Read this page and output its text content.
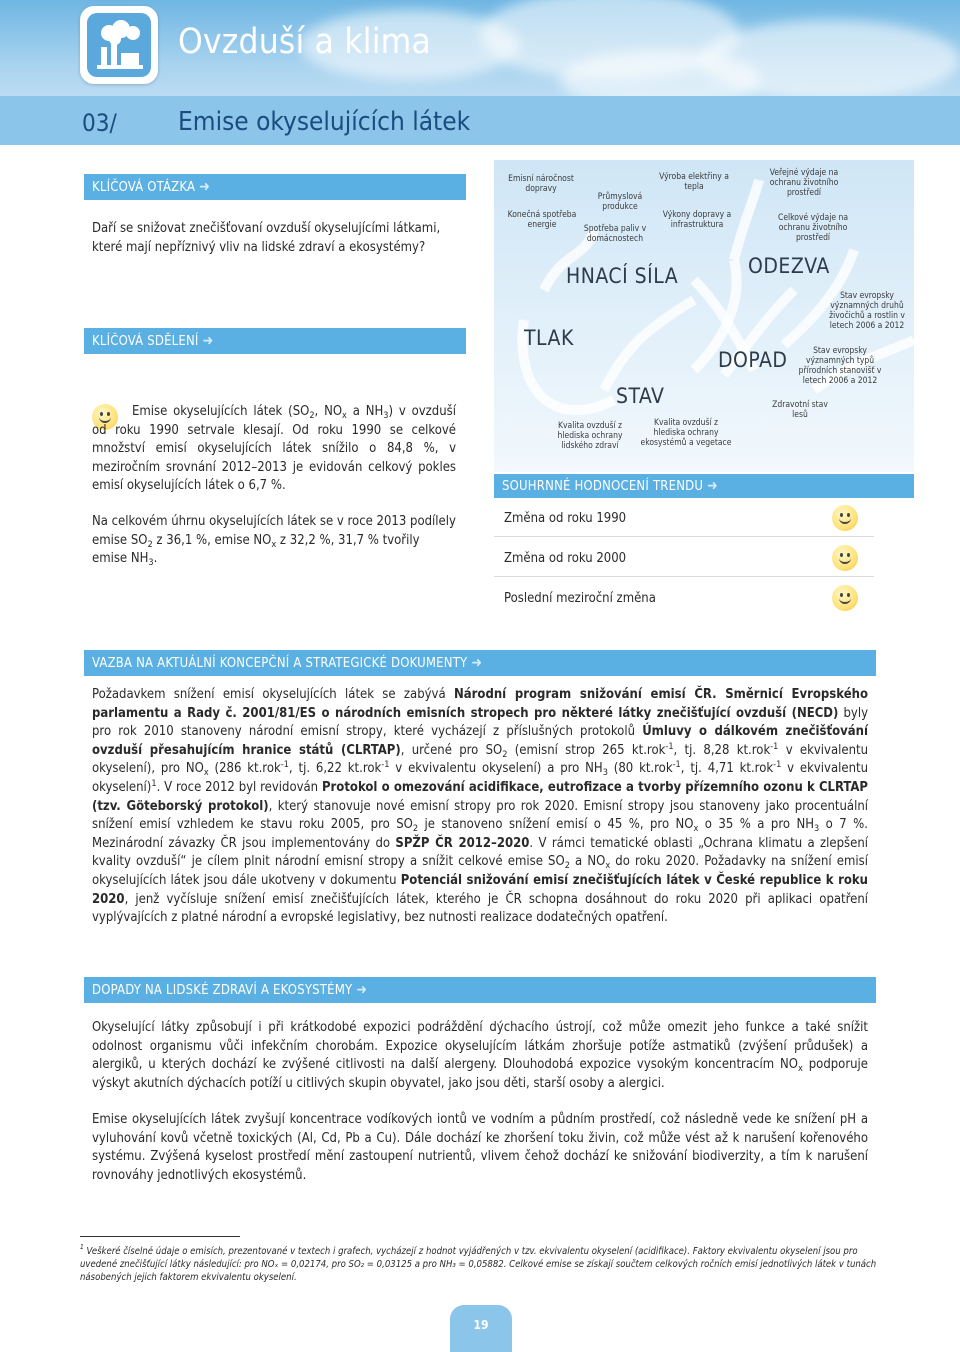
Ovzduší a klima
03/ Emise okyselujících látek
KLÍČOVÁ OTÁZKA ➜
Daří se snižovat znečišťovaní ovzduší okyselujícími látkami, které mají nepříznivý vliv na lidské zdraví a ekosystémy?
KLÍČOVÁ SDĚLENÍ ➜
Emise okyselujících látek ($SO_2$, $NO_x$ a $NH_3$) v ovzduší od roku 1990 setrvale klesají. Od roku 1990 se celkové množství emisí okyselujících látek snížilo o 84,8 %, v meziročním srovnání 2012–2013 je evidován celkový pokles emisí okyselujících látek o 6,7 %.
Na celkovém úhrnu okyselujících látek se v roce 2013 podílely emise $SO_2$ z 36,1 %, emise $NO_x$ z 32,2 %, 31,7 % tvořily emise $NH_3$.
Emisní náročnost dopravy
Konečná spotřeba energie
Průmyslová produkce
Spotřeba paliv v domácnostech
Výroba elektřiny a tepla
Výkony dopravy a infrastruktura
HNACÍ SÍLA
TLAK
STAV
Kvalita ovzduší z hlediska ochrany lidského zdraví
Kvalita ovzduší z hlediska ochrany ekosystémů a vegetace
DOPAD
ODEZVA
Veřejné výdaje na ochranu životního prostředí
Celkové výdaje na ochranu životního prostředí
Stav evropsky významných druhů živočichů a rostlin v letech 2006 a 2012
Stav evropsky významných typů přírodních stanovišť v letech 2006 a 2012
Zdravotní stav lesů
SOUHRNNÉ HODNOCENÍ TRENDU ➜
Změna od roku 1990
Změna od roku 2000
Poslední meziroční změna
VAZBA NA AKTUÁLNÍ KONCEPČNÍ A STRATEGICKÉ DOKUMENTY ➜
Požadavkem snížení emisí okyselujících látek se zabývá Národní program snižování emisí ČR. Směrnicí Evropského parlamentu a Rady č. 2001/81/ES o národních emisních stropech pro některé látky znečišťující ovzduší (NECD) byly pro rok 2010 stanoveny národní emisní stropy, které vycházejí z příslušných protokolů Úmluvy o dálkovém znečišťování ovzduší přesahujícím hranice států (CLRTAP), určené pro $SO_2$ (emisní strop 265 kt.rok$^{-1}$, tj. 8,28 kt.rok$^{-1}$ v ekvivalentu okyselení), pro $NO_x$ (286 kt.rok$^{-1}$, tj. 6,22 kt.rok$^{-1}$ v ekvivalentu okyselení) a pro $NH_3$ (80 kt.rok$^{-1}$, tj. 4,71 kt.rok$^{-1}$ v ekvivalentu okyselení)$^1$. V roce 2012 byl revidován Protokol o omezování acidifikace, eutrofizace a tvorby přízemního ozonu k CLRTAP (tzv. Göteborský protokol), který stanovuje nové emisní stropy pro rok 2020. Emisní stropy jsou stanoveny jako procentuální snížení emisí vzhledem ke stavu roku 2005, pro $SO_2$ je stanoveno snížení emisí o 45 %, pro $NO_x$ o 35 % a pro $NH_3$ o 7 %. Mezinárodní závazky ČR jsou implementovány do SPŽP ČR 2012–2020. V rámci tematické oblasti „Ochrana klimatu a zlepšení kvality ovzduší“ je cílem plnit národní emisní stropy a snížit celkové emise $SO_2$ a $NO_x$ do roku 2020. Požadavky na snížení emisí okyselujících látek jsou dále ukotveny v dokumentu Potenciál snižování emisí znečišťujících látek v České republice k roku 2020, jenž vyčísluje snížení emisí znečišťujících látek, kterého je ČR schopna dosáhnout do roku 2020 při aplikaci opatření vyplývajících z platné národní a evropské legislativy, bez nutnosti realizace dodatečných opatření.
DOPADY NA LIDSKÉ ZDRAVÍ A EKOSYSTÉMY ➜
Okyselující látky způsobují i při krátkodobé expozici podráždění dýchacího ústrojí, což může omezit jeho funkce a také snížit odolnost organismu vůči infekčním chorobám. Expozice okyselujícím látkám zhoršuje potíže astmatiků (zvýšení průdušek) a alergiků, u kterých dochází ke zvýšené citlivosti na další alergeny. Dlouhodobá expozice vysokým koncentracím $NO_x$ podporuje výskyt akutních dýchacích potíží u citlivých skupin obyvatel, jako jsou děti, starší osoby a alergici.
Emise okyselujících látek zvyšují koncentrace vodíkových iontů ve vodním a půdním prostředí, což následně vede ke snížení pH a vyluhování kovů včetně toxických (Al, Cd, Pb a Cu). Dále dochází ke zhoršení toku živin, což může vést až k narušení kořenového systému. Zvýšená kyselost prostředí mění zastoupení nutrientů, vlivem čehož dochází ke snižování biodiverzity, a tím k narušení rovnováhy jednotlivých ekosystémů.
$^1$ Veškeré číselné údaje o emisích, prezentované v textech i grafech, vycházejí z hodnot vyjádřených v tzv. ekvivalentu okyselení (acidifikace). Faktory ekvivalentu okyselení jsou pro uvedené znečišťující látky následující: pro NOₓ = 0,02174, pro SO₂ = 0,03125 a pro NH₃ = 0,05882. Celkové emise se získají součtem celkových ročních emisí jednotlivých látek v tunách násobených jejich faktorem ekvivalentu okyselení.
19
